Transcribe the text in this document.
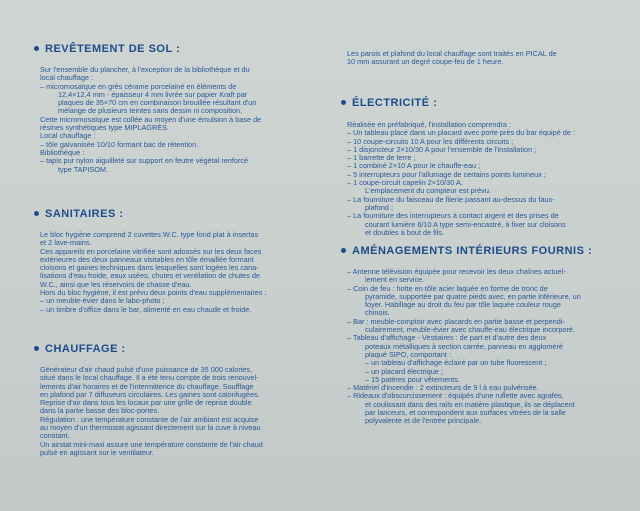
REVÊTEMENT DE SOL :

Sur l'ensemble du plancher, à l'exception de la bibliothèque et du

local chauffage :

– micromosaïque en grès cérame porcelainé en éléments de

12,4×12,4 mm - épaisseur 4 mm livrée sur papier Kraft par

plaques de 35×70 cm en combinaison brouillée résultant d'un

mélange de plusieurs teintes sans dessin ni composition.

Cette micromosaïque est collée au moyen d'une émulsion à base de

résines synthétiques type MIPLAGRÈS.

Local chauffage :

– tôle galvanisée 10/10 formant bac de rétention.

Bibliothèque :

– tapis pur nylon aiguilleté sur support en feutre végétal renforcé

type TAPISOM.

SANITAIRES :

Le bloc hygiène comprend 2 cuvettes W.C. type fond plat à insertas

et 2 lave-mains.

Ces appareils en porcelaine vitrifiée sont adossés sur les deux faces

extérieures des deux panneaux visitables en tôle émaillée formant

cloisons et gaines techniques dans lesquelles sont logées les cana-

lisations d'eau froide, eaux usées, chutes et ventilation de chutes de

W.C., ainsi que les réservoirs de chasse d'eau.

Hors du bloc hygiène, il est prévu deux points d'eau supplémentaires :

– un meuble-évier dans le labo-photo ;

– un timbre d'office dans le bar, alimenté en eau chaude et froide.

CHAUFFAGE :

Générateur d'air chaud pulsé d'une puissance de 35 000 calories,

situé dans le local chauffage. Il a été tenu compte de trois renouvel-

lements d'air horaires et de l'intermittence du chauffage. Soufflage

en plafond par 7 diffuseurs circulaires. Les gaines sont calorifugées.

Reprise d'air dans tous les locaux par une grille de reprise double

dans la partie basse des bloc-portes.

Régulation : une température constante de l'air ambiant est acquise

au moyen d'un thermostat agissant directement sur la cuve à niveau

constant.

Un airstat mini-maxi assure une température constante de l'air chaud

pulsé en agissant sur le ventilateur.

Les parois et plafond du local chauffage sont traités en PICAL de

10 mm assurant un degré coupe-feu de 1 heure.

ÉLECTRICITÉ :

Réalisée en préfabriqué, l'installation comprendra :

– Un tableau placé dans un placard avec porte près du bar équipé de :

– 10 coupe-circuits 10 A pour les différents circuits ;

– 1 disjoncteur 2×10/30 A pour l'ensemble de l'installation ;

– 1 barrette de terre ;

– 1 combiné 2×10 A pour le chauffe-eau ;

– 5 interrupteurs pour l'allumage de certains points lumineux ;

– 1 coupe-circuit capelin 2×10/30 A.

L'emplacement du compteur est prévu.

– La fourniture du faisceau de filerie passant au-dessus du faux-

plafond ;

– La fourniture des interrupteurs à contact argent et des prises de

courant lumière 6/10 A type semi-encastré, à fixer sur cloisons

et doubles à bout de fils.

AMÉNAGEMENTS INTÉRIEURS FOURNIS :

– Antenne télévision équipée pour recevoir les deux chaînes actuel-

lement en service.

– Coin de feu : hotte en tôle acier laquée en forme de tronc de

pyramide, supportée par quatre pieds avec, en partie inférieure, un

foyer. Habillage au droit du feu par tôle laquée couleur rouge

chinois.

– Bar : meuble-comptoir avec placards en partie basse et perpendi-

culairement, meuble-évier avec chauffe-eau électrique incorporé.

– Tableau d'affichage - Vestiaires : de part et d'autre des deux

poteaux métalliques à section carrée, panneau en aggloméré

plaqué SIPO, comportant :

– un tableau d'affichage éclairé par un tube fluorescent ;

– un placard électrique ;

– 15 patères pour vêtements.

– Matériel d'incendie : 2 extincteurs de 9 l à eau pulvérisée.

– Rideaux d'obscurcissement : équipés d'une ruflette avec agrafes,

et coulissant dans des rails en matière plastique, ils se déplacent

par lanceurs, et correspondent aux surfaces vitrées de la salle

polyvalente et de l'entrée principale.
